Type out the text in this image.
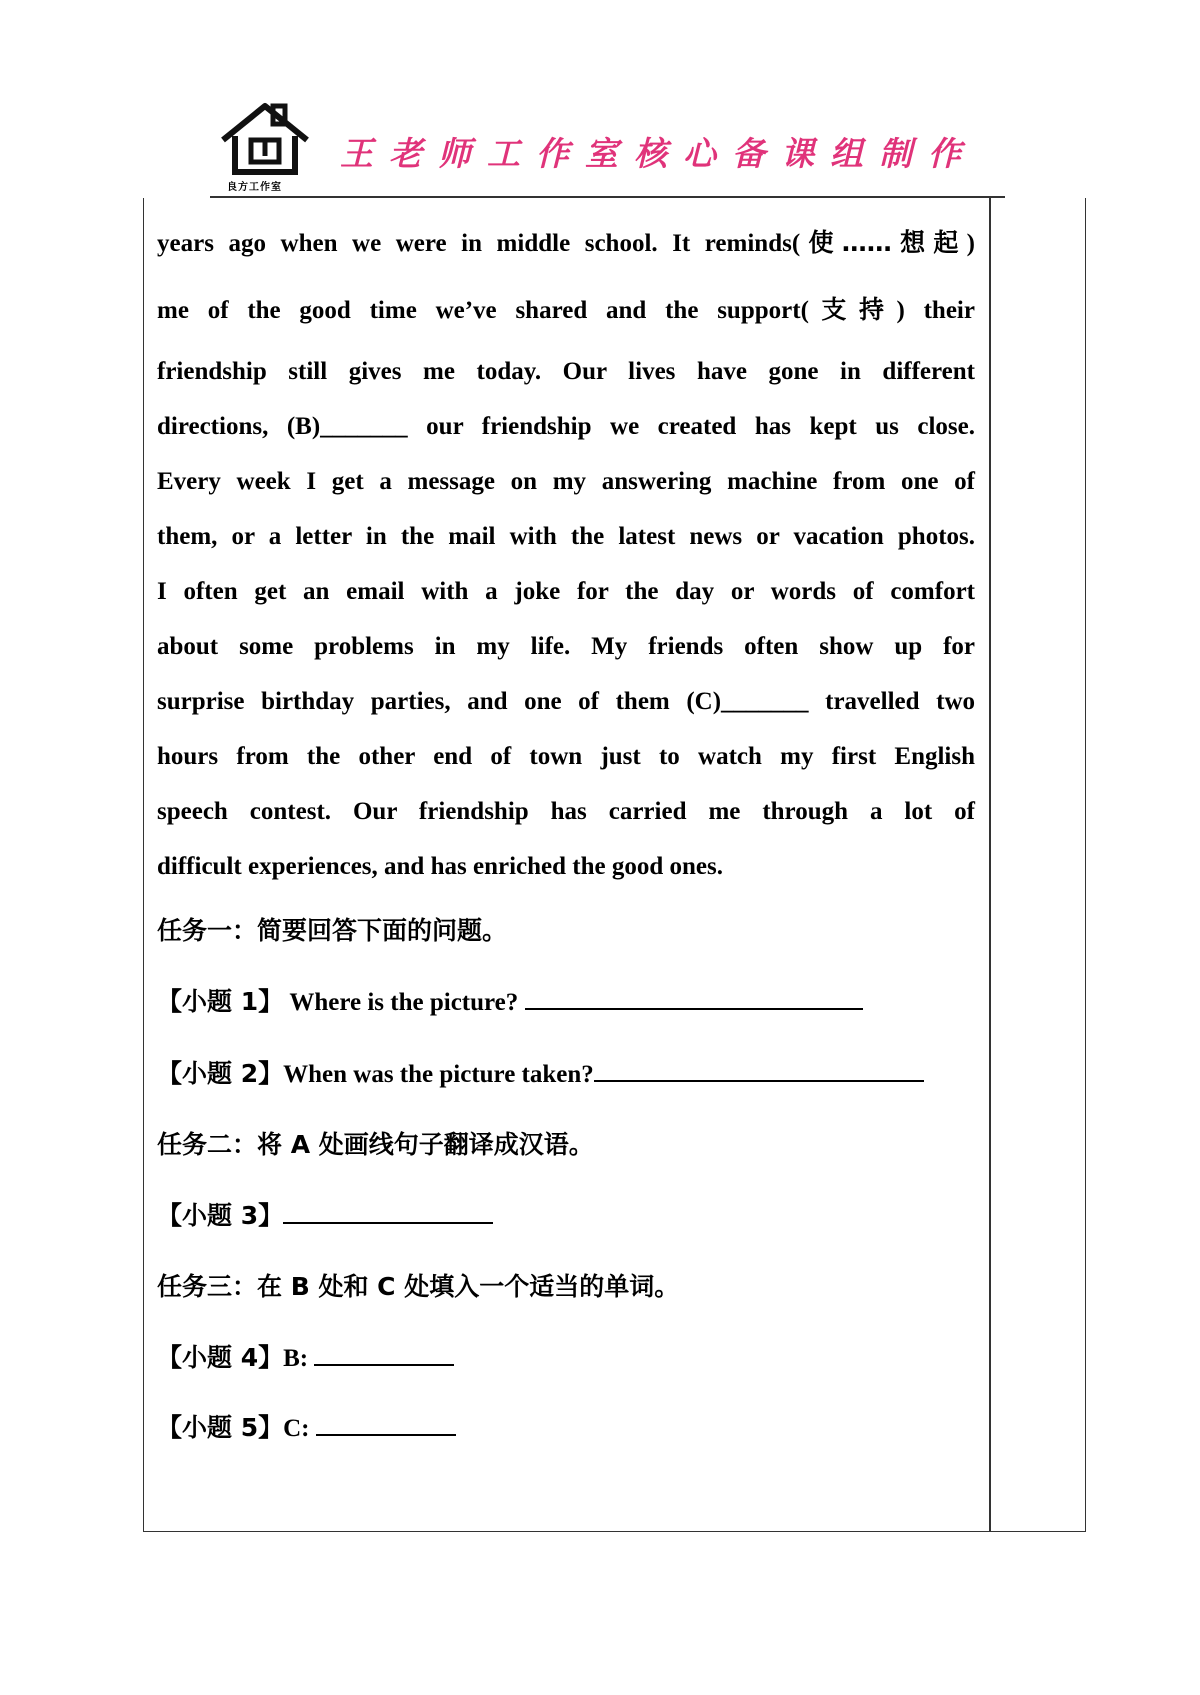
良方工作室
王老师工作室核心备课组制作

years ago when we were in middle school. It reminds(使……想起)

me of the good time we’ve shared and the support(支持) their

friendship still gives me today. Our lives have gone in different

directions, (B)_______ our friendship we created has kept us close.

Every week I get a message on my answering machine from one of

them, or a letter in the mail with the latest news or vacation photos.

I often get an email with a joke for the day or words of comfort

about some problems in my life. My friends often show up for

surprise birthday parties, and one of them (C)_______ travelled two

hours from the other end of town just to watch my first English

speech contest. Our friendship has carried me through a lot of

difficult experiences, and has enriched the good ones.

任务一：简要回答下面的问题。

【小题 1】 Where is the picture?

【小题 2】When was the picture taken?

任务二：将 A 处画线句子翻译成汉语。

【小题 3】

任务三：在 B 处和 C 处填入一个适当的单词。

【小题 4】B:

【小题 5】C:
